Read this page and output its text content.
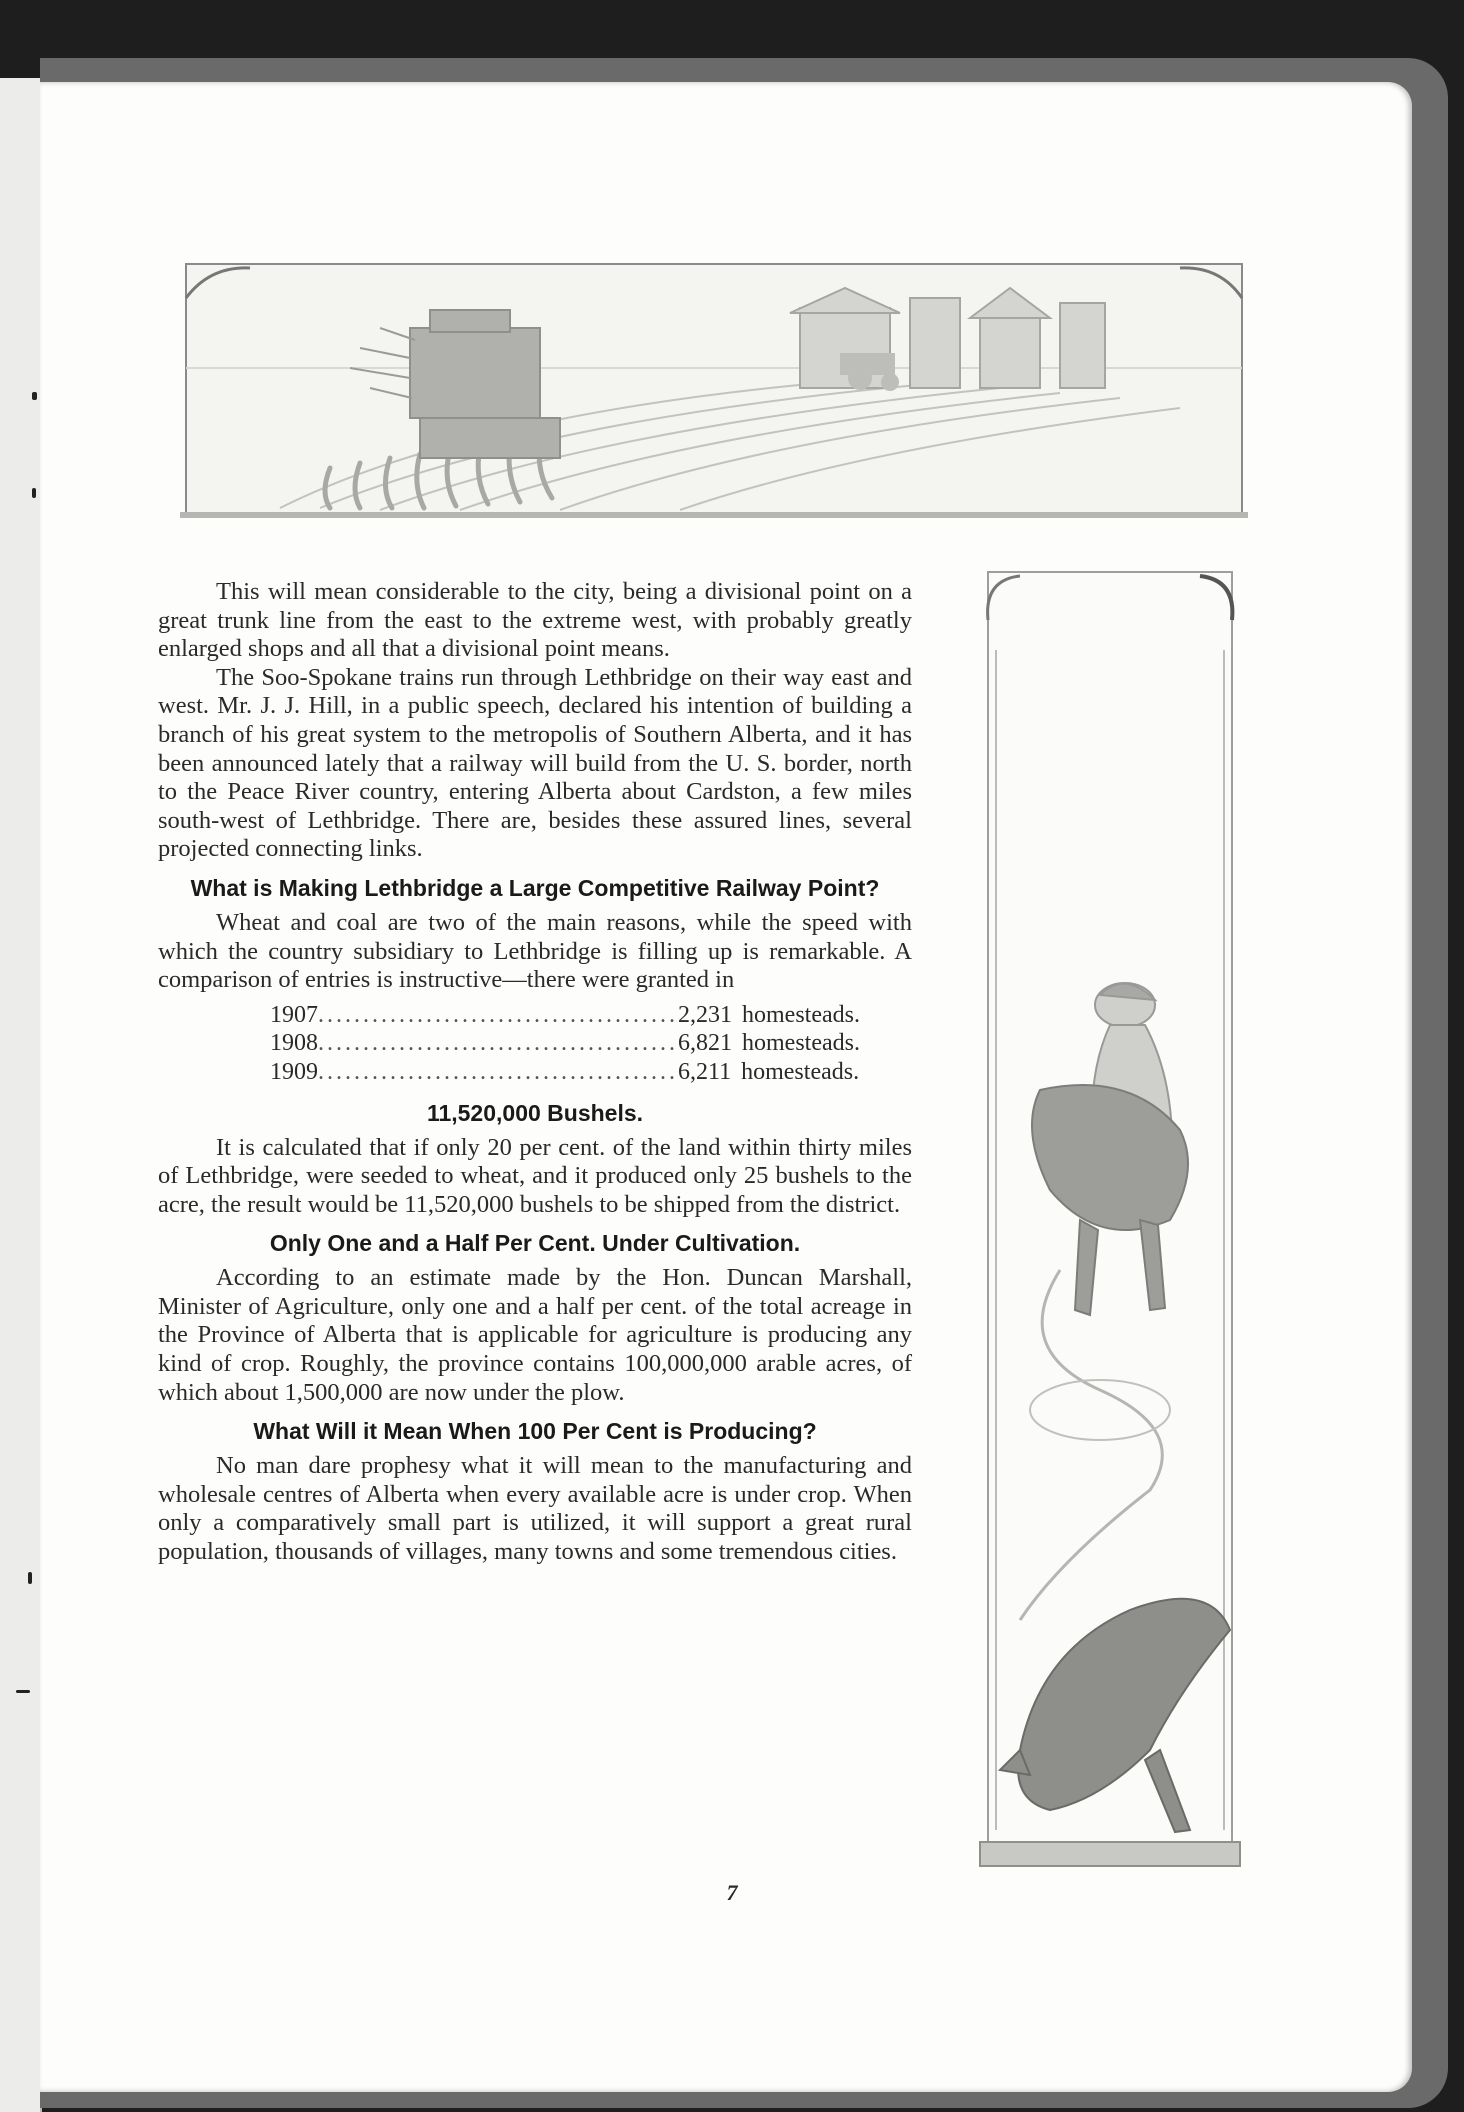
This will mean considerable to the city, being a divisional point on a great trunk line from the east to the extreme west, with probably greatly enlarged shops and all that a divisional point means.

The Soo-Spokane trains run through Lethbridge on their way east and west. Mr. J. J. Hill, in a public speech, declared his intention of building a branch of his great system to the metropolis of Southern Alberta, and it has been announced lately that a railway will build from the U. S. border, north to the Peace River country, entering Alberta about Cardston, a few miles south-west of Lethbridge. There are, besides these assured lines, several projected connecting links.

What is Making Lethbridge a Large Competitive Railway Point?

Wheat and coal are two of the main reasons, while the speed with which the country subsidiary to Lethbridge is filling up is remarkable. A comparison of entries is instructive—there were granted in

1907 ........................................ 2,231 homesteads.
1908 ........................................ 6,821 homesteads.
1909 ........................................ 6,211 homesteads.
11,520,000 Bushels.

It is calculated that if only 20 per cent. of the land within thirty miles of Lethbridge, were seeded to wheat, and it produced only 25 bushels to the acre, the result would be 11,520,000 bushels to be shipped from the district.

Only One and a Half Per Cent. Under Cultivation.

According to an estimate made by the Hon. Duncan Marshall, Minister of Agriculture, only one and a half per cent. of the total acreage in the Province of Alberta that is applicable for agriculture is producing any kind of crop. Roughly, the province contains 100,000,000 arable acres, of which about 1,500,000 are now under the plow.

What Will it Mean When 100 Per Cent is Producing?

No man dare prophesy what it will mean to the manufacturing and wholesale centres of Alberta when every available acre is under crop. When only a comparatively small part is utilized, it will support a great rural population, thousands of villages, many towns and some tremendous cities.

7
